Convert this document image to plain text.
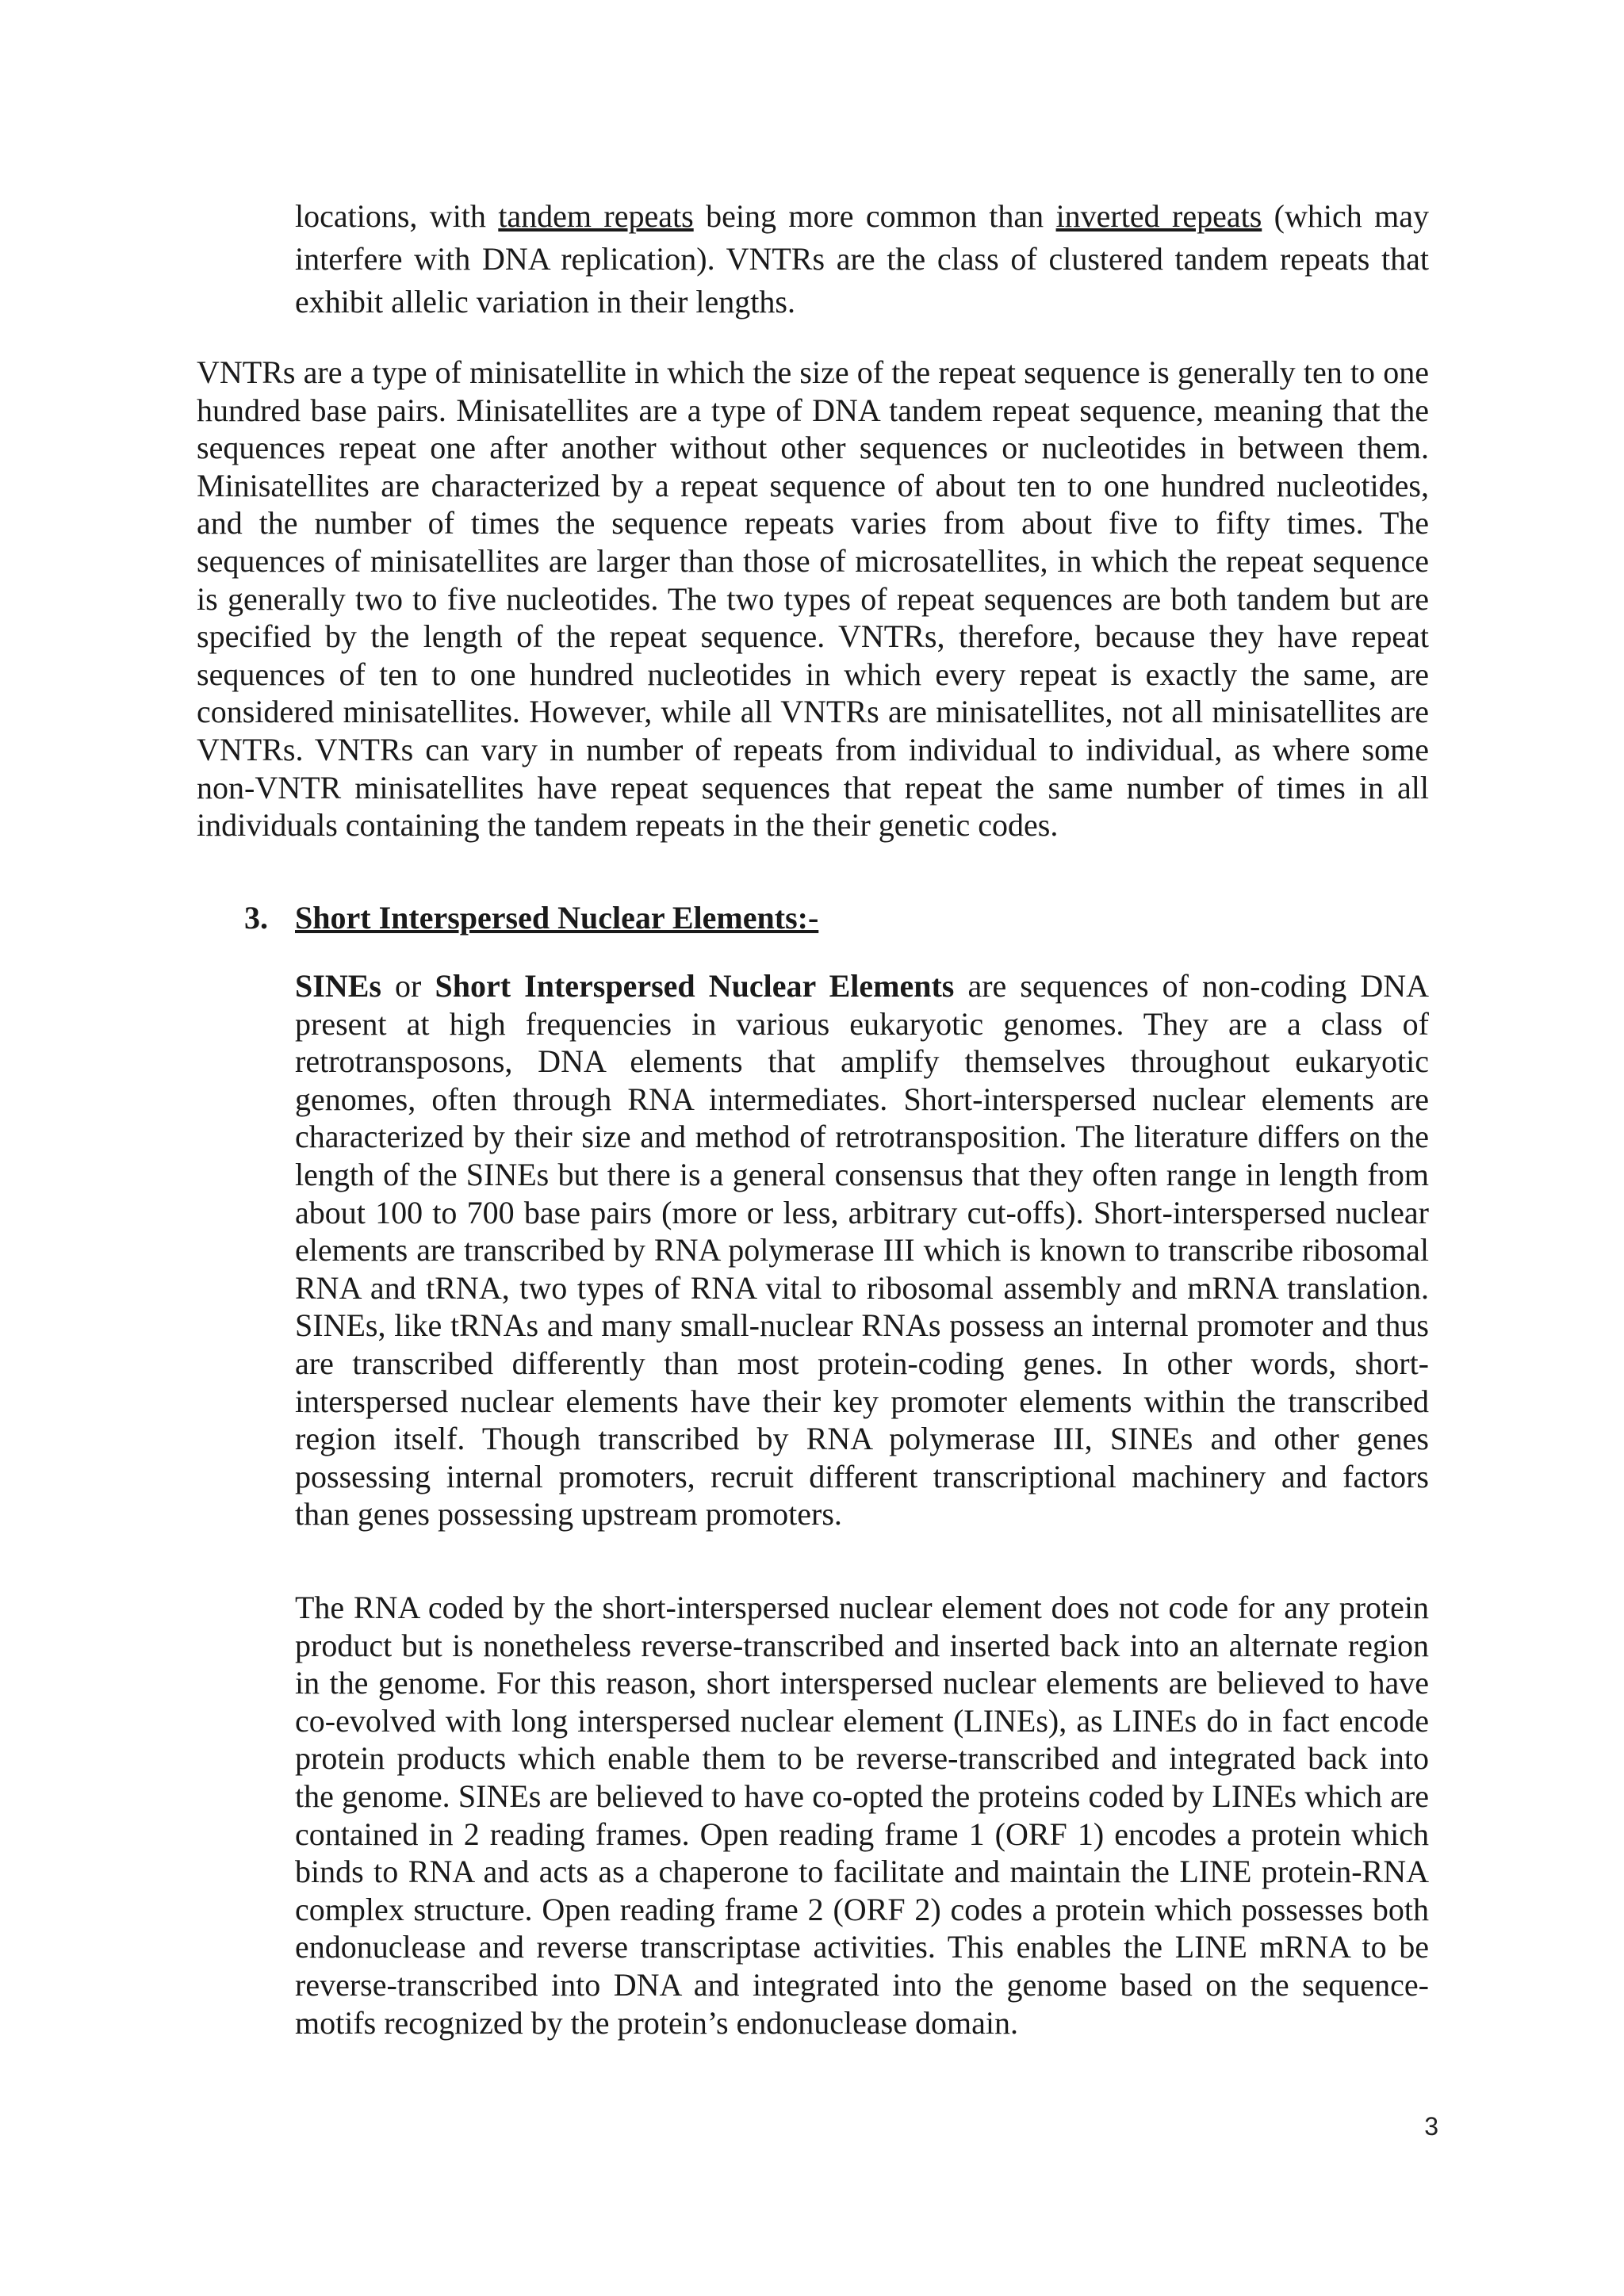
locations, with tandem repeats being more common than inverted repeats (which may interfere with DNA replication). VNTRs are the class of clustered tandem repeats that exhibit allelic variation in their lengths.

VNTRs are a type of minisatellite in which the size of the repeat sequence is generally ten to one hundred base pairs. Minisatellites are a type of DNA tandem repeat sequence, meaning that the sequences repeat one after another without other sequences or nucleotides in between them. Minisatellites are characterized by a repeat sequence of about ten to one hundred nucleotides, and the number of times the sequence repeats varies from about five to fifty times. The sequences of minisatellites are larger than those of microsatellites, in which the repeat sequence is generally two to five nucleotides. The two types of repeat sequences are both tandem but are specified by the length of the repeat sequence. VNTRs, therefore, because they have repeat sequences of ten to one hundred nucleotides in which every repeat is exactly the same, are considered minisatellites. However, while all VNTRs are minisatellites, not all minisatellites are VNTRs. VNTRs can vary in number of repeats from individual to individual, as where some non-VNTR minisatellites have repeat sequences that repeat the same number of times in all individuals containing the tandem repeats in the their genetic codes.

3. Short Interspersed Nuclear Elements:-

SINEs or Short Interspersed Nuclear Elements are sequences of non-coding DNA present at high frequencies in various eukaryotic genomes. They are a class of retrotransposons, DNA elements that amplify themselves throughout eukaryotic genomes, often through RNA intermediates. Short-interspersed nuclear elements are characterized by their size and method of retrotransposition. The literature differs on the length of the SINEs but there is a general consensus that they often range in length from about 100 to 700 base pairs (more or less, arbitrary cut-offs). Short-interspersed nuclear elements are transcribed by RNA polymerase III which is known to transcribe ribosomal RNA and tRNA, two types of RNA vital to ribosomal assembly and mRNA translation. SINEs, like tRNAs and many small-nuclear RNAs possess an internal promoter and thus are transcribed differently than most protein-coding genes. In other words, short-interspersed nuclear elements have their key promoter elements within the transcribed region itself. Though transcribed by RNA polymerase III, SINEs and other genes possessing internal promoters, recruit different transcriptional machinery and factors than genes possessing upstream promoters.

The RNA coded by the short-interspersed nuclear element does not code for any protein product but is nonetheless reverse-transcribed and inserted back into an alternate region in the genome. For this reason, short interspersed nuclear elements are believed to have co-evolved with long interspersed nuclear element (LINEs), as LINEs do in fact encode protein products which enable them to be reverse-transcribed and integrated back into the genome. SINEs are believed to have co-opted the proteins coded by LINEs which are contained in 2 reading frames. Open reading frame 1 (ORF 1) encodes a protein which binds to RNA and acts as a chaperone to facilitate and maintain the LINE protein-RNA complex structure. Open reading frame 2 (ORF 2) codes a protein which possesses both endonuclease and reverse transcriptase activities. This enables the LINE mRNA to be reverse-transcribed into DNA and integrated into the genome based on the sequence-motifs recognized by the protein’s endonuclease domain.

3
